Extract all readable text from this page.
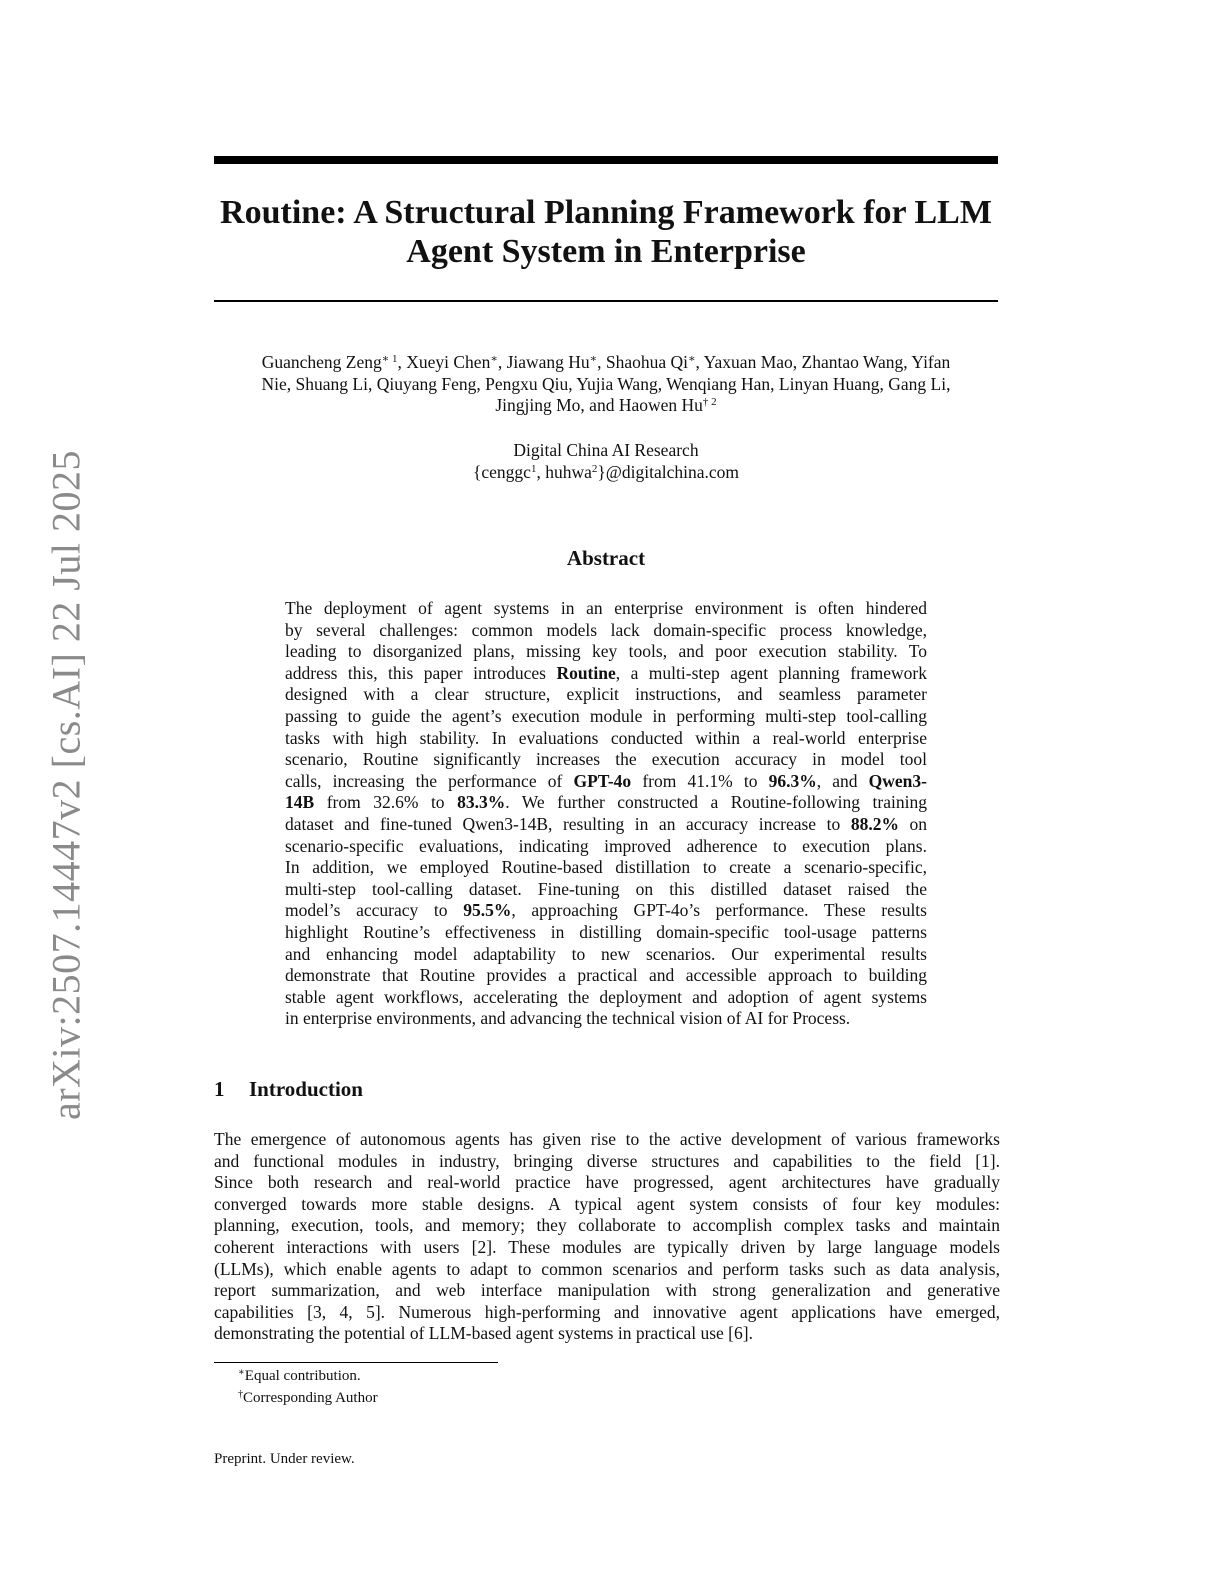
arXiv:2507.14447v2 [cs.AI] 22 Jul 2025
Routine: A Structural Planning Framework for LLM
Agent System in Enterprise
Guancheng Zeng$^{∗ 1}$, Xueyi Chen∗, Jiawang Hu∗, Shaohua Qi∗, Yaxuan Mao, Zhantao Wang, Yifan
Nie, Shuang Li, Qiuyang Feng, Pengxu Qiu, Yujia Wang, Wenqiang Han, Linyan Huang, Gang Li,
Jingjing Mo, and Haowen Hu$^{\dagger 2}$
Digital China AI Research
{cenggc$^1$, huhwa$^2$}@digitalchina.com
Abstract
The deployment of agent systems in an enterprise environment is often hindered
by several challenges: common models lack domain-specific process knowledge,
leading to disorganized plans, missing key tools, and poor execution stability. To
address this, this paper introduces Routine, a multi-step agent planning framework
designed with a clear structure, explicit instructions, and seamless parameter
passing to guide the agent’s execution module in performing multi-step tool-calling
tasks with high stability. In evaluations conducted within a real-world enterprise
scenario, Routine significantly increases the execution accuracy in model tool
calls, increasing the performance of GPT-4o from 41.1% to 96.3%, and Qwen3-
14B from 32.6% to 83.3%. We further constructed a Routine-following training
dataset and fine-tuned Qwen3-14B, resulting in an accuracy increase to 88.2% on
scenario-specific evaluations, indicating improved adherence to execution plans.
In addition, we employed Routine-based distillation to create a scenario-specific,
multi-step tool-calling dataset. Fine-tuning on this distilled dataset raised the
model’s accuracy to 95.5%, approaching GPT-4o’s performance. These results
highlight Routine’s effectiveness in distilling domain-specific tool-usage patterns
and enhancing model adaptability to new scenarios. Our experimental results
demonstrate that Routine provides a practical and accessible approach to building
stable agent workflows, accelerating the deployment and adoption of agent systems
in enterprise environments, and advancing the technical vision of AI for Process.
1 Introduction
The emergence of autonomous agents has given rise to the active development of various frameworks
and functional modules in industry, bringing diverse structures and capabilities to the field [1].
Since both research and real-world practice have progressed, agent architectures have gradually
converged towards more stable designs. A typical agent system consists of four key modules:
planning, execution, tools, and memory; they collaborate to accomplish complex tasks and maintain
coherent interactions with users [2]. These modules are typically driven by large language models
(LLMs), which enable agents to adapt to common scenarios and perform tasks such as data analysis,
report summarization, and web interface manipulation with strong generalization and generative
capabilities [3, 4, 5]. Numerous high-performing and innovative agent applications have emerged,
demonstrating the potential of LLM-based agent systems in practical use [6].
∗Equal contribution.
†Corresponding Author
Preprint. Under review.
